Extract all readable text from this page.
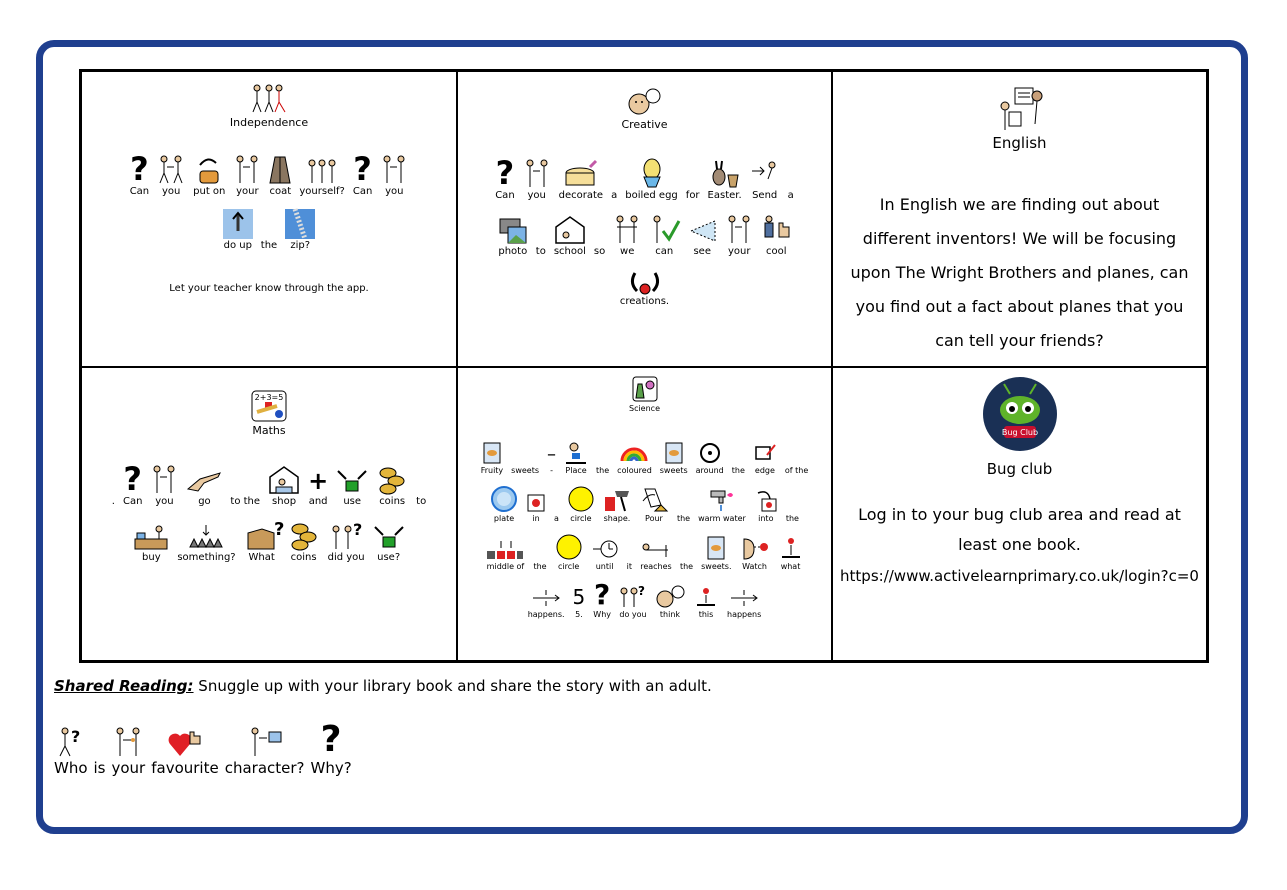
Independence
?
Can you put on your coat yourself?
?
Can you
do up the zip?

Let your teacher know through the app.

Creative
?
Can you decorate a boiled egg for Easter. Send a
photo to school so we can see your cool
creations.
English

In English we are finding out about different inventors! We will be focusing upon The Wright Brothers and planes, can you find out a fact about planes that you can tell your friends?

2+3=5
Maths
.
?
Can you go to the shop
+
and use coins to
buy something?
?
What coins
?
did you use?
Science
Fruity sweets
–
- Place the coloured sweets around the edge of the
plate in a circle shape. Pour the warm water into the
middle of the circle until it reaches the sweets. Watch what
happens.
5
5.
?
Why
?
do you think this happens
Bug Club
Bug club

Log in to your bug club area and read at least one book.

https://www.activelearnprimary.co.uk/login?c=0

Shared Reading: Snuggle up with your library book and share the story with an adult.
?
Who is your favourite character?
?
Why?
